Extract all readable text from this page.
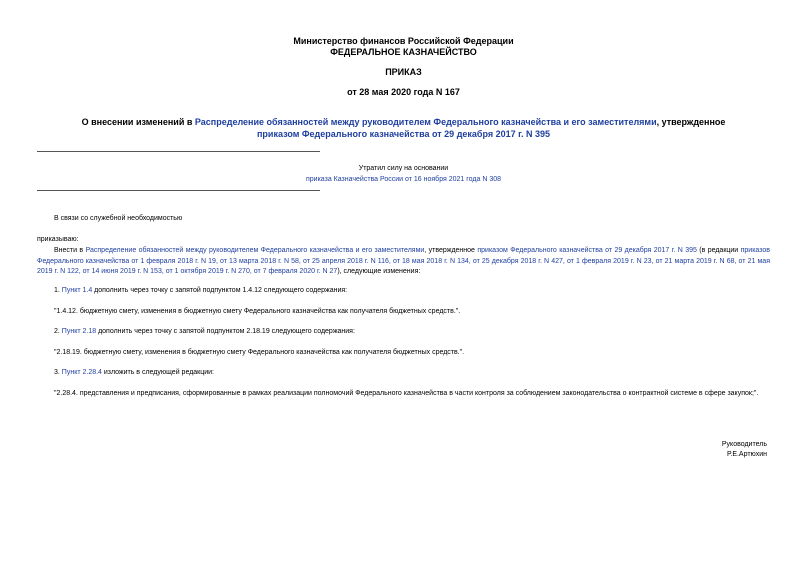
Министерство финансов Российской Федерации
ФЕДЕРАЛЬНОЕ КАЗНАЧЕЙСТВО
ПРИКАЗ
от 28 мая 2020 года N 167
О внесении изменений в Распределение обязанностей между руководителем Федерального казначейства и его заместителями, утвержденное приказом Федерального казначейства от 29 декабря 2017 г. N 395
Утратил силу на основании
приказа Казначейства России от 16 ноября 2021 года N 308
В связи со служебной необходимостью
приказываю:
Внести в Распределение обязанностей между руководителем Федерального казначейства и его заместителями, утвержденное приказом Федерального казначейства от 29 декабря 2017 г. N 395 (в редакции приказов Федерального казначейства от 1 февраля 2018 г. N 19, от 13 марта 2018 г. N 58, от 25 апреля 2018 г. N 116, от 18 мая 2018 г. N 134, от 25 декабря 2018 г. N 427, от 1 февраля 2019 г. N 23, от 21 марта 2019 г. N 68, от 21 мая 2019 г. N 122, от 14 июня 2019 г. N 153, от 1 октября 2019 г. N 270, от 7 февраля 2020 г. N 27), следующие изменения:
1. Пункт 1.4 дополнить через точку с запятой подпунктом 1.4.12 следующего содержания:
"1.4.12. бюджетную смету, изменения в бюджетную смету Федерального казначейства как получателя бюджетных средств.".
2. Пункт 2.18 дополнить через точку с запятой подпунктом 2.18.19 следующего содержания:
"2.18.19. бюджетную смету, изменения в бюджетную смету Федерального казначейства как получателя бюджетных средств.".
3. Пункт 2.28.4 изложить в следующей редакции:
"2.28.4. представления и предписания, сформированные в рамках реализации полномочий Федерального казначейства в части контроля за соблюдением законодательства о контрактной системе в сфере закупок;".
Руководитель
Р.Е.Артюхин
